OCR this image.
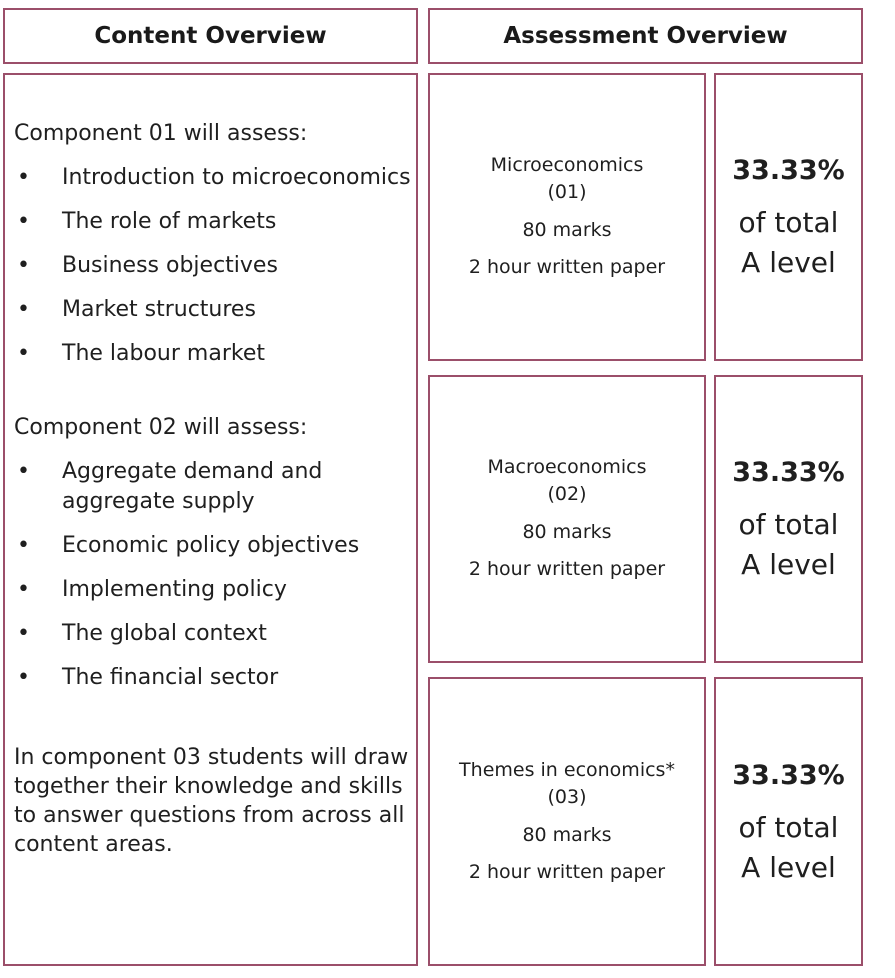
Content Overview	Assessment Overview

Component 01 will assess:

• Introduction to microeconomics
• The role of markets
• Business objectives
• Market structures
• The labour market

Component 02 will assess:

• Aggregate demand and aggregate supply
• Economic policy objectives
• Implementing policy
• The global context
• The financial sector

In component 03 students will draw together their knowledge and skills to answer questions from across all content areas.

Microeconomics
(01)
80 marks
2 hour written paper
33.33%
of total
A level
Macroeconomics
(02)
80 marks
2 hour written paper
33.33%
of total
A level
Themes in economics*
(03)
80 marks
2 hour written paper
33.33%
of total
A level
